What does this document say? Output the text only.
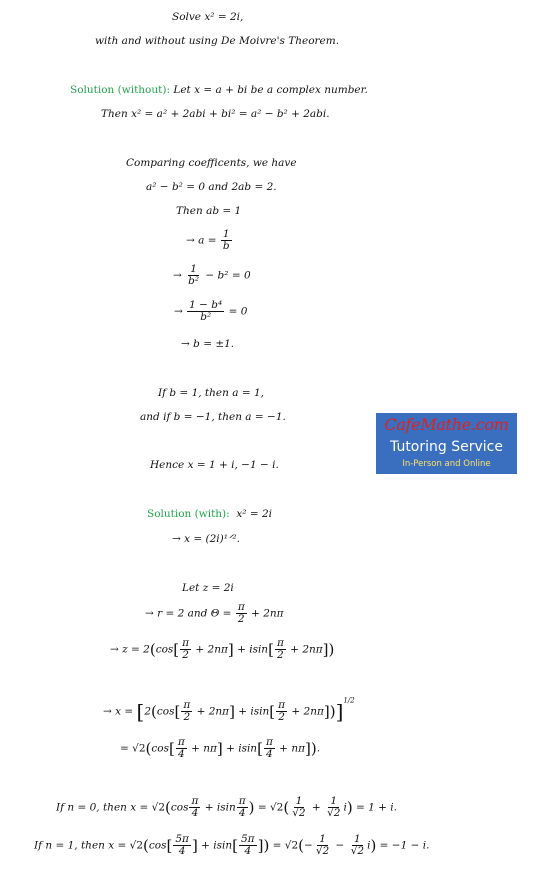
Solve x² = 2i,
with and without using De Moivre's Theorem.
Solution (without): Let x = a + bi be a complex number.
Then x² = a² + 2abi + bi² = a² − b² + 2abi.
Comparing coefficents, we have
a² − b² = 0 and 2ab = 2.
Then ab = 1
→ $a = \frac{1}{b}$
→ $\frac{1}{\text{b²}} - b^2 = 0$
→ $\frac{\text{1 − b⁴}}{\text{b²}} = 0$
→ b = ±1.
If b = 1, then a = 1,
and if b = −1, then a = −1.
Hence x = 1 + i, −1 − i.
CafeMathe.com
Tutoring Service
In-Person and Online
Solution (with): x² = 2i
→ x = (2i)¹ᐟ².
Let z = 2i
→ r = 2 and $\Theta = \frac{\pi}{2} + 2n\pi$
→ $z = 2(\cos[ \frac{\pi}{2} + 2n\pi] + isin[ \frac{\pi}{2} + 2n\pi])$
→ $x = [2(\cos[ \frac{\pi}{2} + 2n\pi] + isin[ \frac{\pi}{2} + 2n\pi])]^{1/2}$
= $√2(\cos[ \frac{\pi}{4} + n\pi] + isin[ \frac{\pi}{4} + n\pi])$.
If n = 0, then $x = √2(\cos \frac{\pi}{4} + isin \frac{\pi}{4}$ ) = $√2( \frac{1}{√2} + \frac{1}{√2} i) = 1 + i$.
If n = 1, then $x = √2(\cos[ \frac{5\pi}{4}$ ] + $isin[ \frac{5\pi}{4}$ ]) = $√2(- \frac{1}{√2} - \frac{1}{√2} i) = -1 - i$.
